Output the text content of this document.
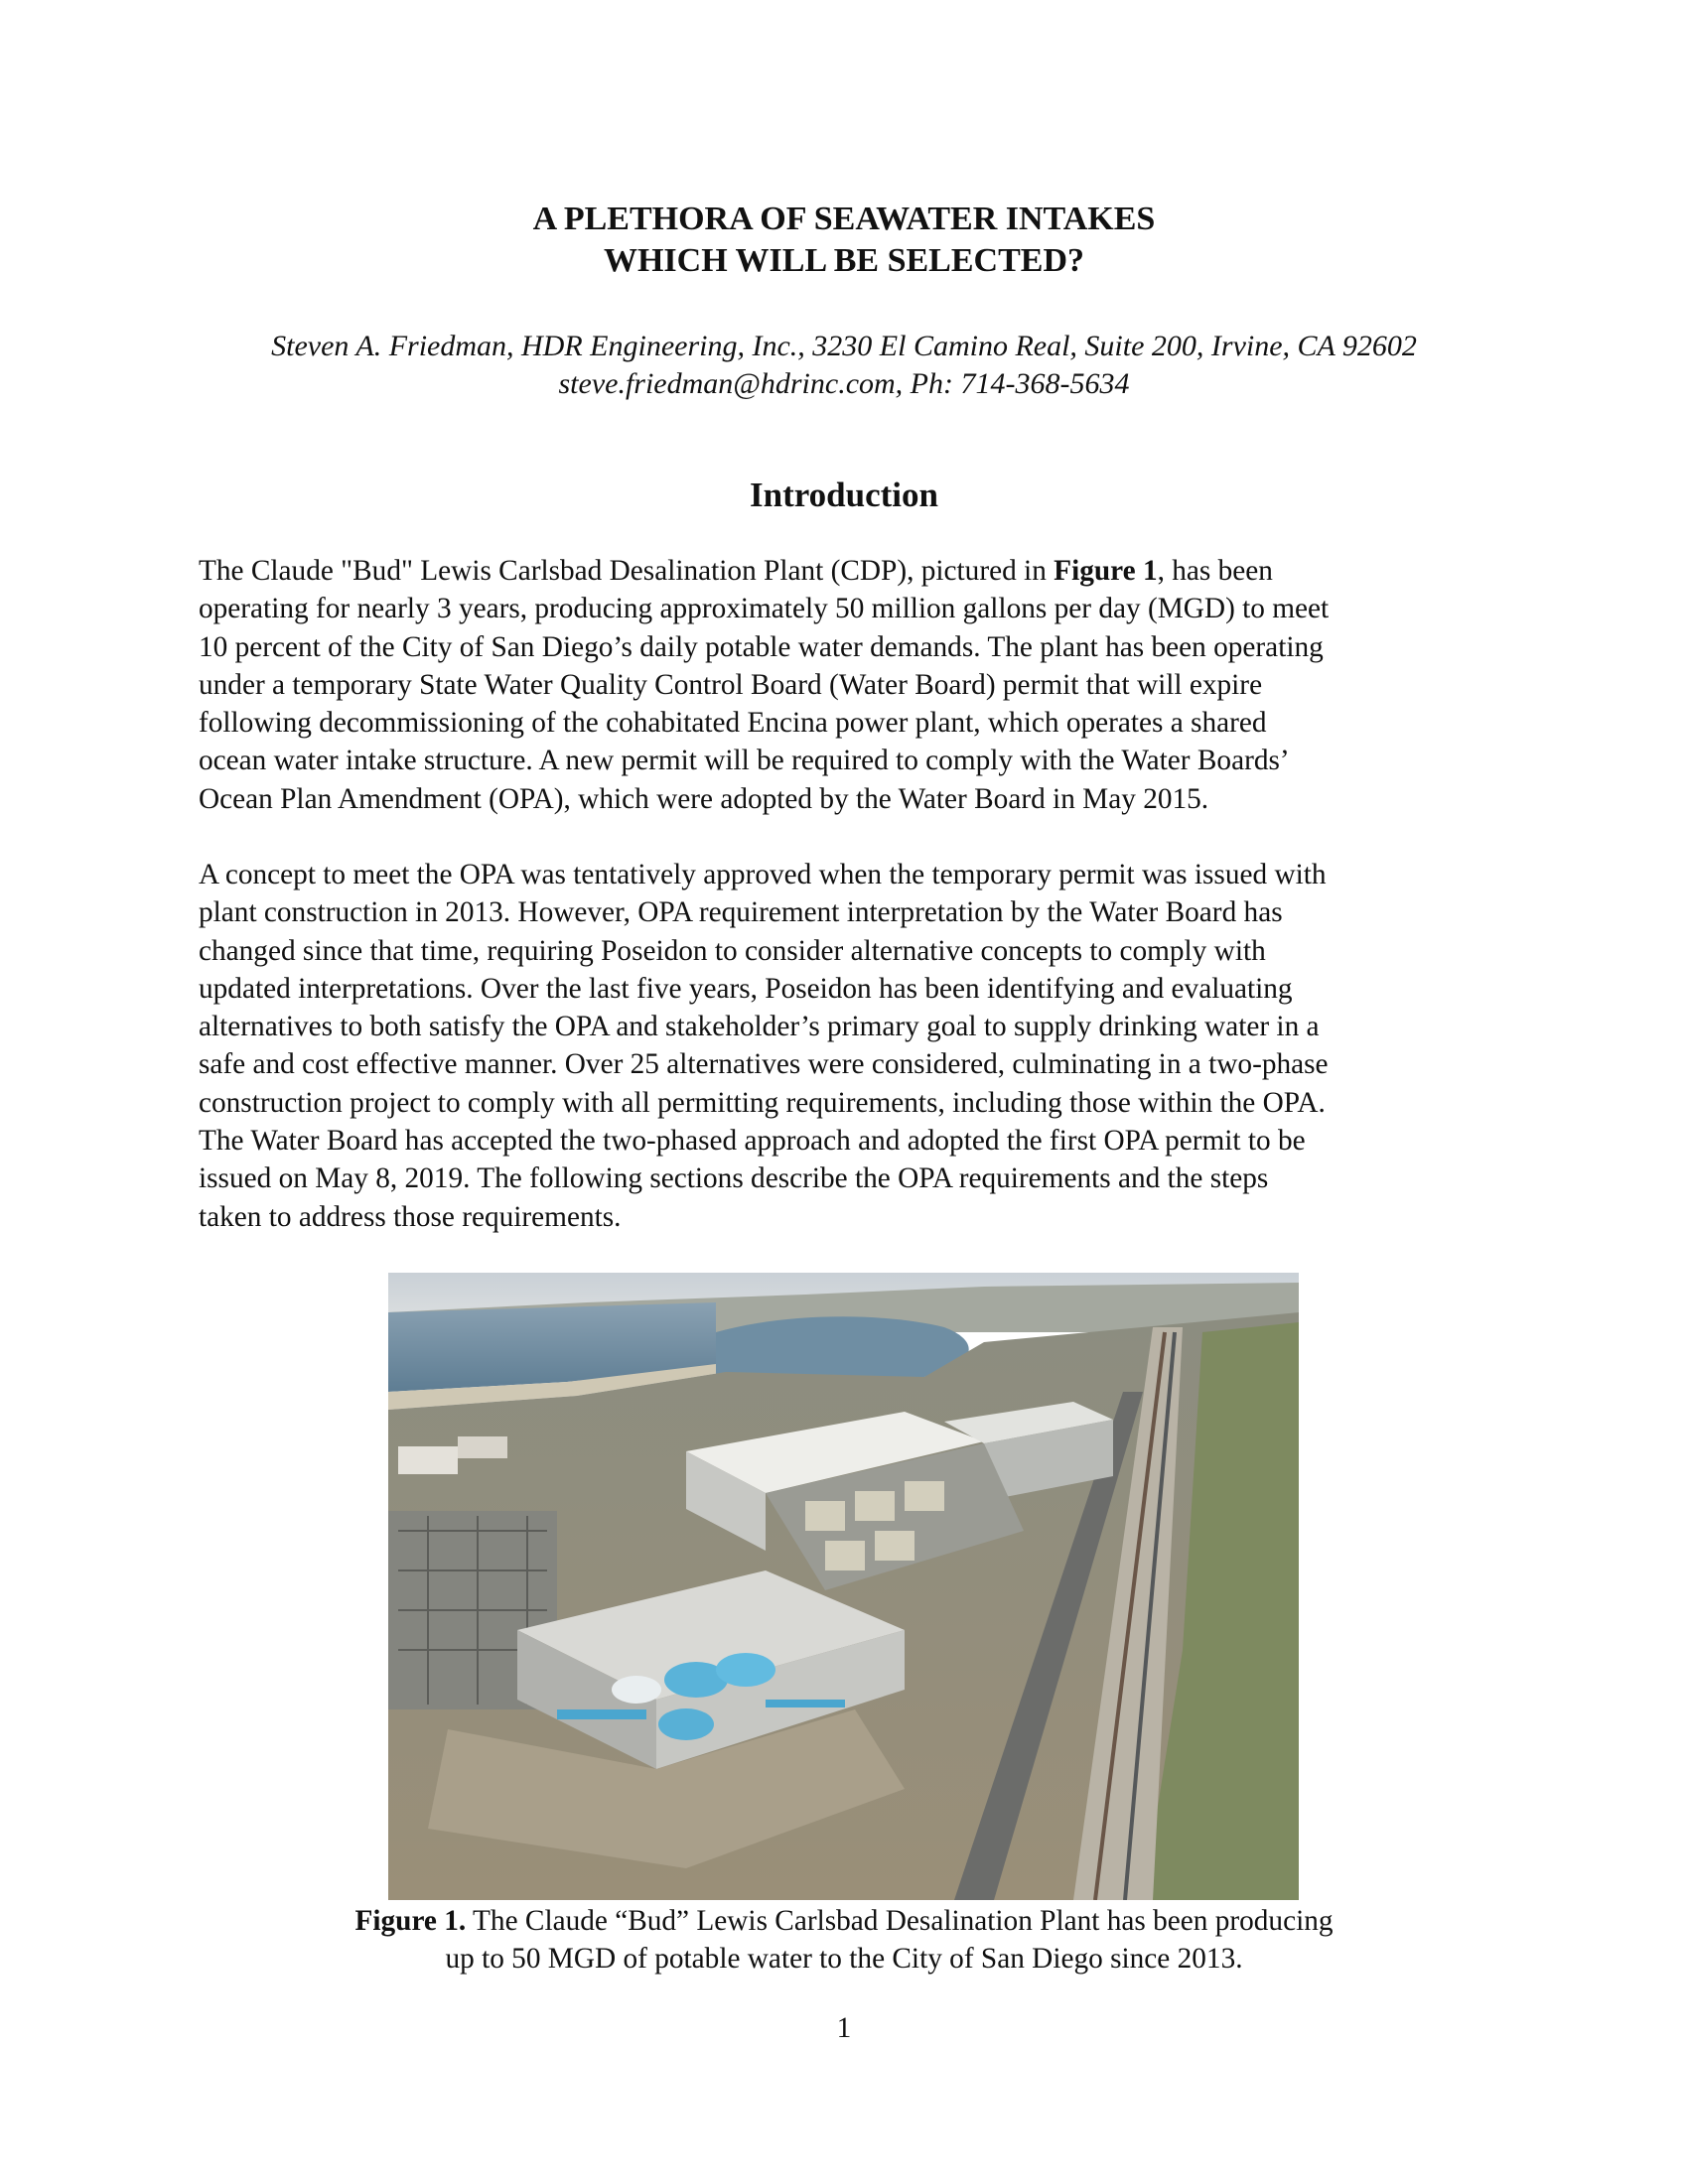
A PLETHORA OF SEAWATER INTAKES
WHICH WILL BE SELECTED?
Steven A. Friedman, HDR Engineering, Inc., 3230 El Camino Real, Suite 200, Irvine, CA 92602
steve.friedman@hdrinc.com, Ph: 714-368-5634
Introduction

The Claude "Bud" Lewis Carlsbad Desalination Plant (CDP), pictured in Figure 1, has been
operating for nearly 3 years, producing approximately 50 million gallons per day (MGD) to meet
10 percent of the City of San Diego’s daily potable water demands. The plant has been operating
under a temporary State Water Quality Control Board (Water Board) permit that will expire
following decommissioning of the cohabitated Encina power plant, which operates a shared
ocean water intake structure. A new permit will be required to comply with the Water Boards’
Ocean Plan Amendment (OPA), which were adopted by the Water Board in May 2015.

A concept to meet the OPA was tentatively approved when the temporary permit was issued with
plant construction in 2013. However, OPA requirement interpretation by the Water Board has
changed since that time, requiring Poseidon to consider alternative concepts to comply with
updated interpretations. Over the last five years, Poseidon has been identifying and evaluating
alternatives to both satisfy the OPA and stakeholder’s primary goal to supply drinking water in a
safe and cost effective manner. Over 25 alternatives were considered, culminating in a two-phase
construction project to comply with all permitting requirements, including those within the OPA.
The Water Board has accepted the two-phased approach and adopted the first OPA permit to be
issued on May 8, 2019. The following sections describe the OPA requirements and the steps
taken to address those requirements.

Figure 1. The Claude “Bud” Lewis Carlsbad Desalination Plant has been producing
up to 50 MGD of potable water to the City of San Diego since 2013.
1
